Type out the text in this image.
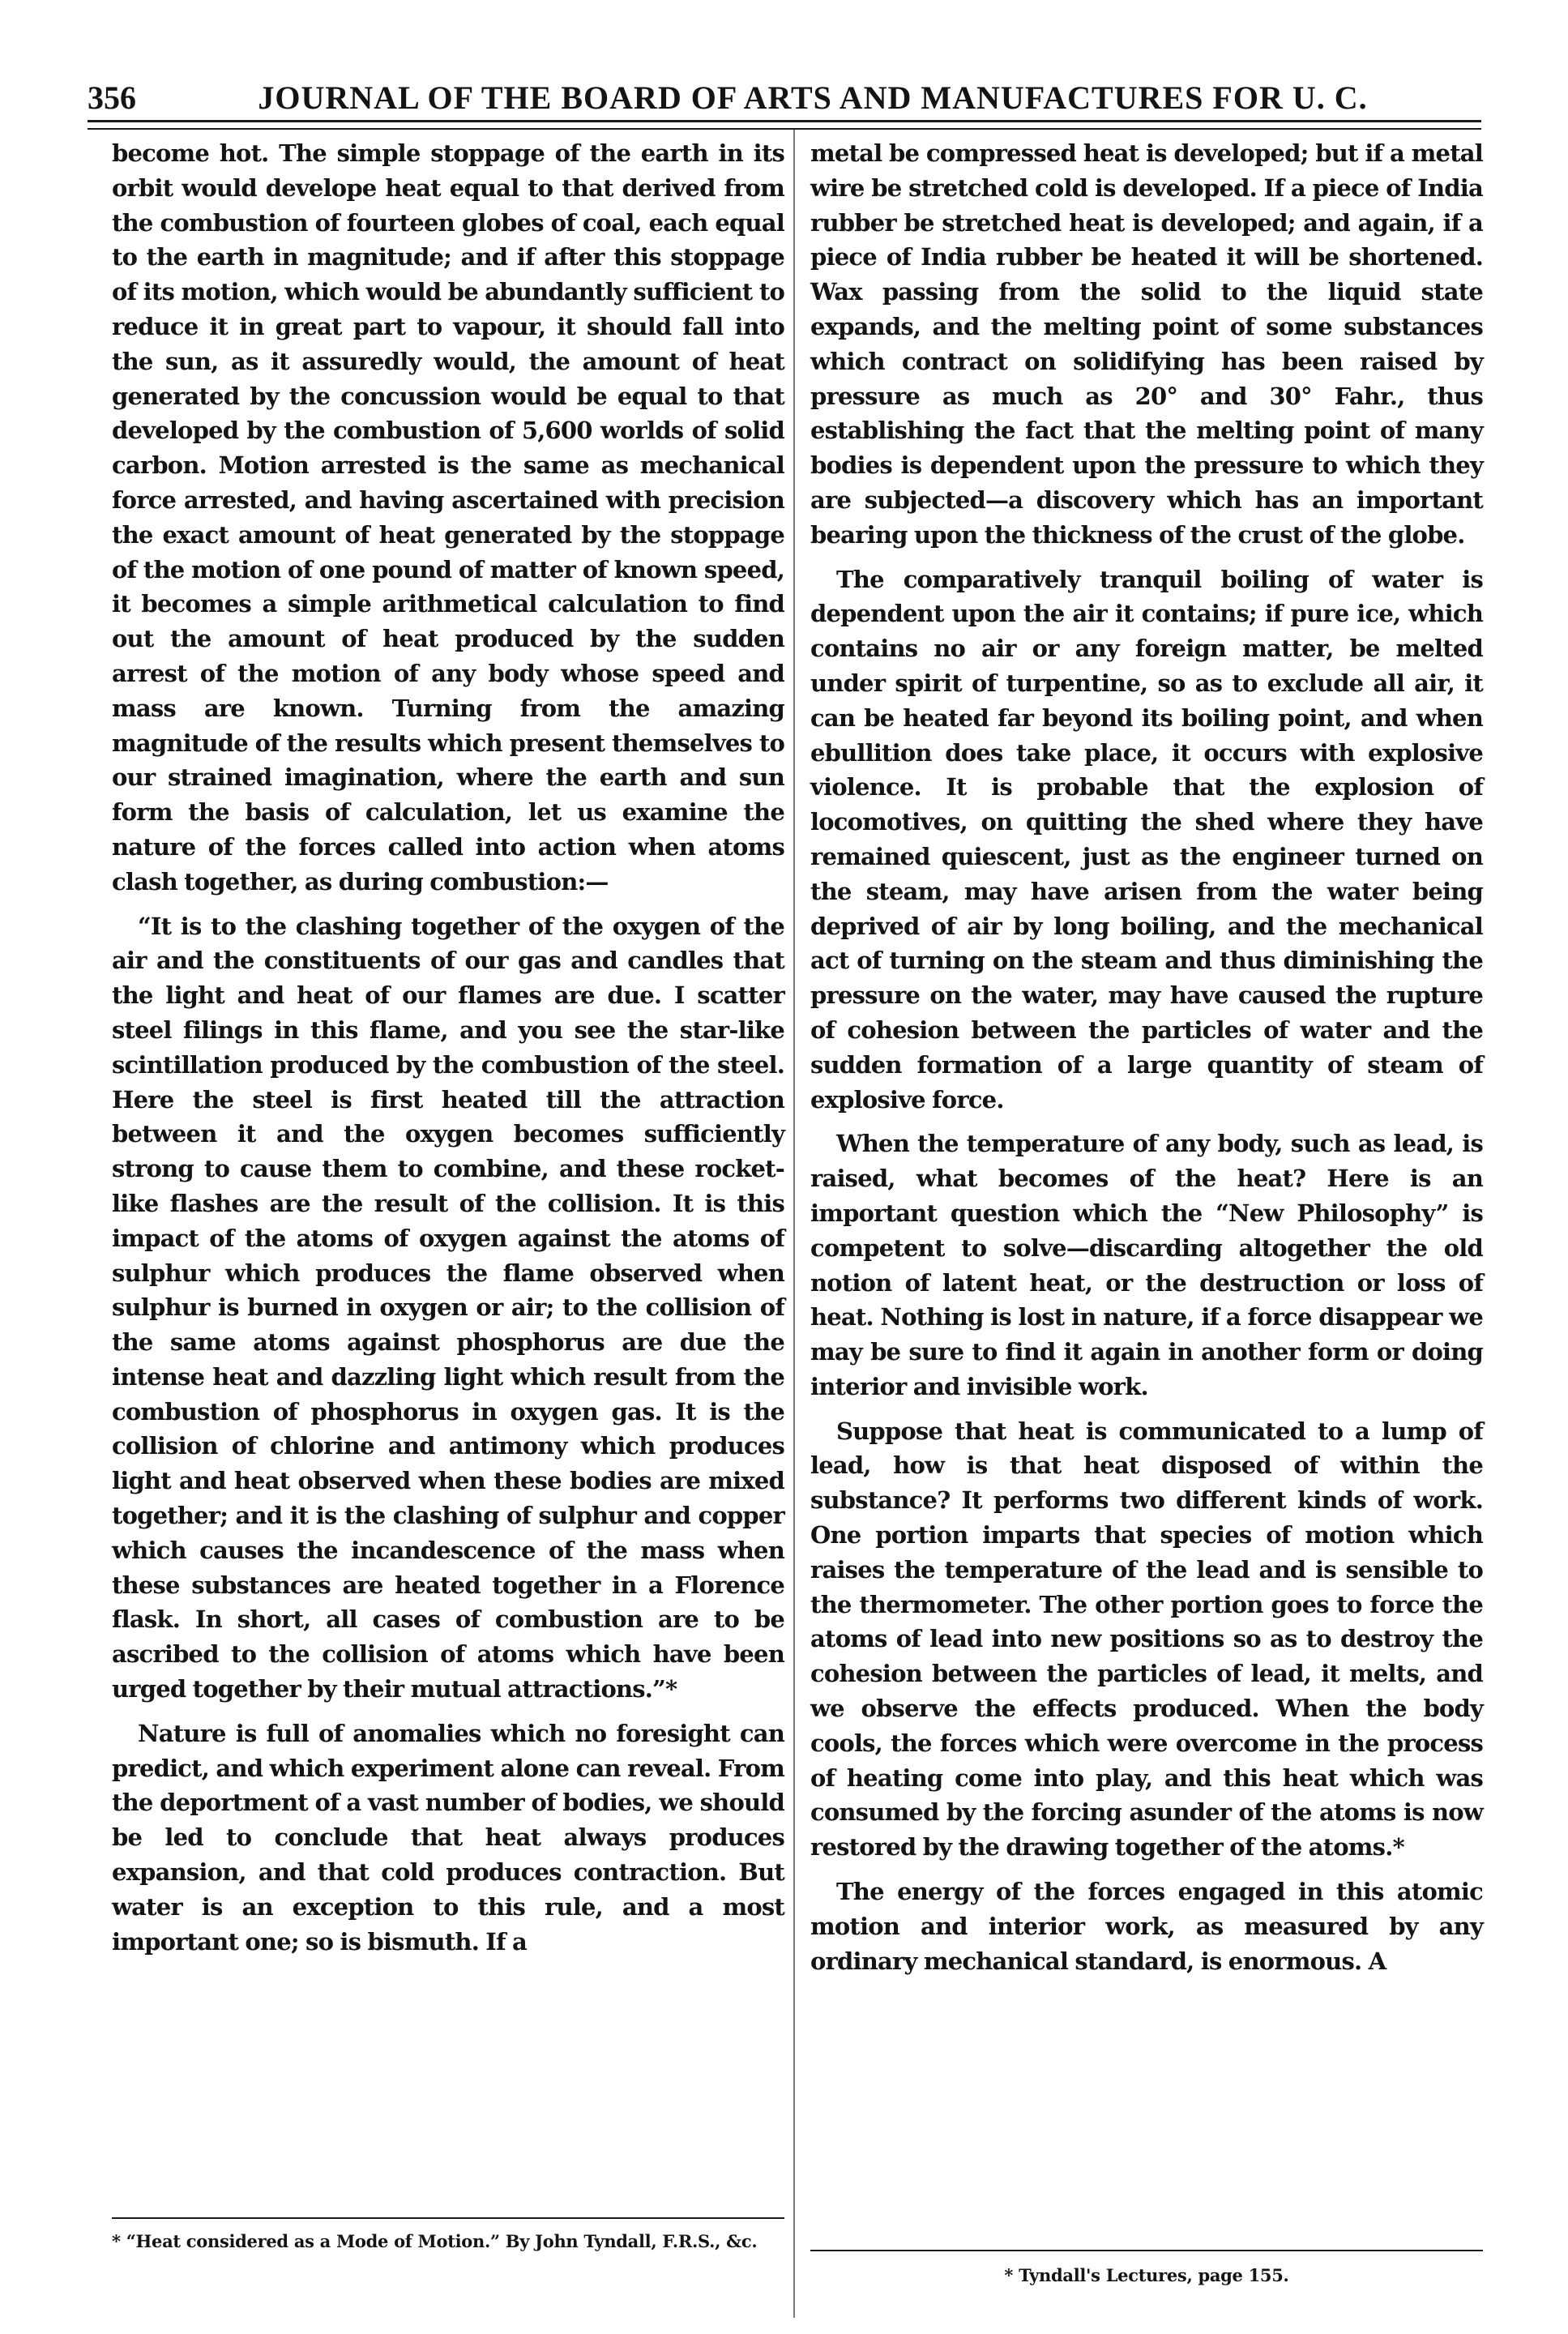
356	JOURNAL OF THE BOARD OF ARTS AND MANUFACTURES FOR U. C.

become hot. The simple stoppage of the earth in its orbit would develope heat equal to that derived from the combustion of fourteen globes of coal, each equal to the earth in magnitude; and if after this stoppage of its motion, which would be abundantly sufficient to reduce it in great part to vapour, it should fall into the sun, as it assuredly would, the amount of heat generated by the concussion would be equal to that developed by the combustion of 5,600 worlds of solid carbon. Motion arrested is the same as mechanical force arrested, and having ascertained with precision the exact amount of heat generated by the stoppage of the motion of one pound of matter of known speed, it becomes a simple arithmetical calculation to find out the amount of heat produced by the sudden arrest of the motion of any body whose speed and mass are known. Turning from the amazing magnitude of the results which present themselves to our strained imagination, where the earth and sun form the basis of calculation, let us examine the nature of the forces called into action when atoms clash together, as during combustion:—

“It is to the clashing together of the oxygen of the air and the constituents of our gas and candles that the light and heat of our flames are due. I scatter steel filings in this flame, and you see the star-like scintillation produced by the combustion of the steel. Here the steel is first heated till the attraction between it and the oxygen becomes sufficiently strong to cause them to combine, and these rocket-like flashes are the result of the collision. It is this impact of the atoms of oxygen against the atoms of sulphur which produces the flame observed when sulphur is burned in oxygen or air; to the collision of the same atoms against phosphorus are due the intense heat and dazzling light which result from the combustion of phosphorus in oxygen gas. It is the collision of chlorine and antimony which produces light and heat observed when these bodies are mixed together; and it is the clashing of sulphur and copper which causes the incandescence of the mass when these substances are heated together in a Florence flask. In short, all cases of combustion are to be ascribed to the collision of atoms which have been urged together by their mutual attractions.”*

Nature is full of anomalies which no foresight can predict, and which experiment alone can reveal. From the deportment of a vast number of bodies, we should be led to conclude that heat always produces expansion, and that cold produces contraction. But water is an exception to this rule, and a most important one; so is bismuth. If a

metal be compressed heat is developed; but if a metal wire be stretched cold is developed. If a piece of India rubber be stretched heat is developed; and again, if a piece of India rubber be heated it will be shortened. Wax passing from the solid to the liquid state expands, and the melting point of some substances which contract on solidifying has been raised by pressure as much as 20° and 30° Fahr., thus establishing the fact that the melting point of many bodies is dependent upon the pressure to which they are subjected—a discovery which has an important bearing upon the thickness of the crust of the globe.

The comparatively tranquil boiling of water is dependent upon the air it contains; if pure ice, which contains no air or any foreign matter, be melted under spirit of turpentine, so as to exclude all air, it can be heated far beyond its boiling point, and when ebullition does take place, it occurs with explosive violence. It is probable that the explosion of locomotives, on quitting the shed where they have remained quiescent, just as the engineer turned on the steam, may have arisen from the water being deprived of air by long boiling, and the mechanical act of turning on the steam and thus diminishing the pressure on the water, may have caused the rupture of cohesion between the particles of water and the sudden formation of a large quantity of steam of explosive force.

When the temperature of any body, such as lead, is raised, what becomes of the heat? Here is an important question which the “New Philosophy” is competent to solve—discarding altogether the old notion of latent heat, or the destruction or loss of heat. Nothing is lost in nature, if a force disappear we may be sure to find it again in another form or doing interior and invisible work.

Suppose that heat is communicated to a lump of lead, how is that heat disposed of within the substance? It performs two different kinds of work. One portion imparts that species of motion which raises the temperature of the lead and is sensible to the thermometer. The other portion goes to force the atoms of lead into new positions so as to destroy the cohesion between the particles of lead, it melts, and we observe the effects produced. When the body cools, the forces which were overcome in the process of heating come into play, and this heat which was consumed by the forcing asunder of the atoms is now restored by the drawing together of the atoms.*

The energy of the forces engaged in this atomic motion and interior work, as measured by any ordinary mechanical standard, is enormous. A

* “Heat considered as a Mode of Motion.” By John Tyndall, F.R.S., &c.
* Tyndall's Lectures, page 155.
